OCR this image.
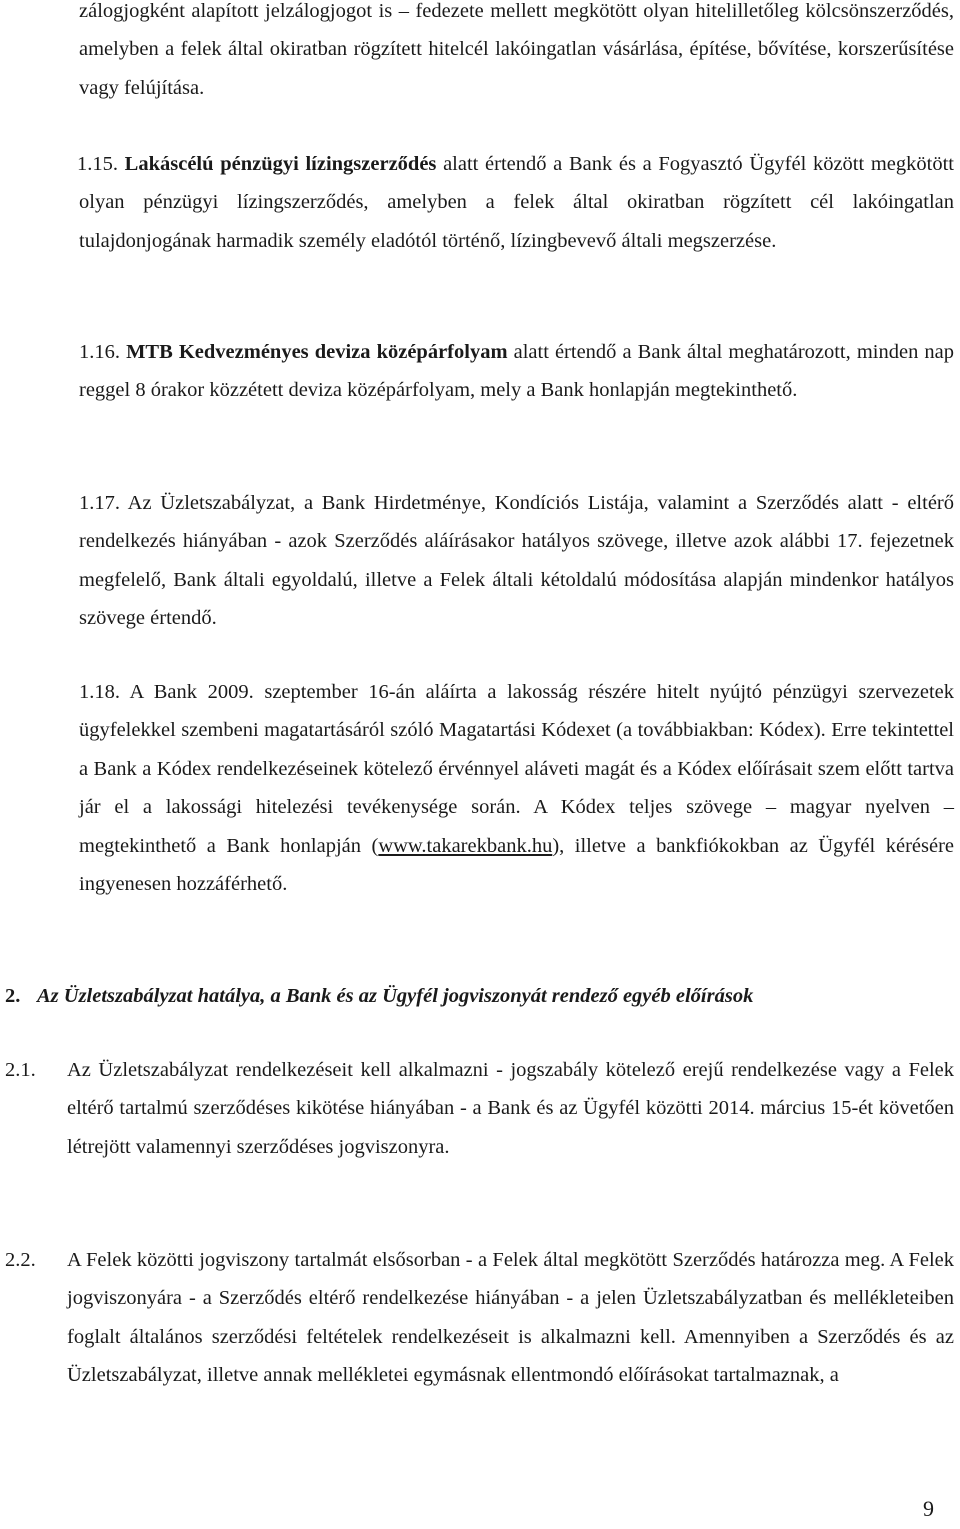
zálogjogként alapított jelzálogjogot is – fedezete mellett megkötött olyan hitelilletőleg kölcsönszerződés, amelyben a felek által okiratban rögzített hitelcél lakóingatlan vásárlása, építése, bővítése, korszerűsítése vagy felújítása.

1.15. Lakáscélú pénzügyi lízingszerződés alatt értendő a Bank és a Fogyasztó Ügyfél között megkötött olyan pénzügyi lízingszerződés, amelyben a felek által okiratban rögzített cél lakóingatlan tulajdonjogának harmadik személy eladótól történő, lízingbevevő általi megszerzése.

1.16. MTB Kedvezményes deviza középárfolyam alatt értendő a Bank által meghatározott, minden nap reggel 8 órakor közzétett deviza középárfolyam, mely a Bank honlapján megtekinthető.

1.17. Az Üzletszabályzat, a Bank Hirdetménye, Kondíciós Listája, valamint a Szerződés alatt - eltérő rendelkezés hiányában - azok Szerződés aláírásakor hatályos szövege, illetve azok alábbi 17. fejezetnek megfelelő, Bank általi egyoldalú, illetve a Felek általi kétoldalú módosítása alapján mindenkor hatályos szövege értendő.

1.18. A Bank 2009. szeptember 16-án aláírta a lakosság részére hitelt nyújtó pénzügyi szervezetek ügyfelekkel szembeni magatartásáról szóló Magatartási Kódexet (a továbbiakban: Kódex). Erre tekintettel a Bank a Kódex rendelkezéseinek kötelező érvénnyel aláveti magát és a Kódex előírásait szem előtt tartva jár el a lakossági hitelezési tevékenysége során. A Kódex teljes szövege – magyar nyelven – megtekinthető a Bank honlapján (www.takarekbank.hu), illetve a bankfiókokban az Ügyfél kérésére ingyenesen hozzáférhető.

2. Az Üzletszabályzat hatálya, a Bank és az Ügyfél jogviszonyát rendező egyéb előírások
2.1. Az Üzletszabályzat rendelkezéseit kell alkalmazni - jogszabály kötelező erejű rendelkezése vagy a Felek eltérő tartalmú szerződéses kikötése hiányában - a Bank és az Ügyfél közötti 2014. március 15-ét követően létrejött valamennyi szerződéses jogviszonyra.
2.2. A Felek közötti jogviszony tartalmát elsősorban - a Felek által megkötött Szerződés határozza meg. A Felek jogviszonyára - a Szerződés eltérő rendelkezése hiányában - a jelen Üzletszabályzatban és mellékleteiben foglalt általános szerződési feltételek rendelkezéseit is alkalmazni kell. Amennyiben a Szerződés és az Üzletszabályzat, illetve annak mellékletei egymásnak ellentmondó előírásokat tartalmaznak, a
9
